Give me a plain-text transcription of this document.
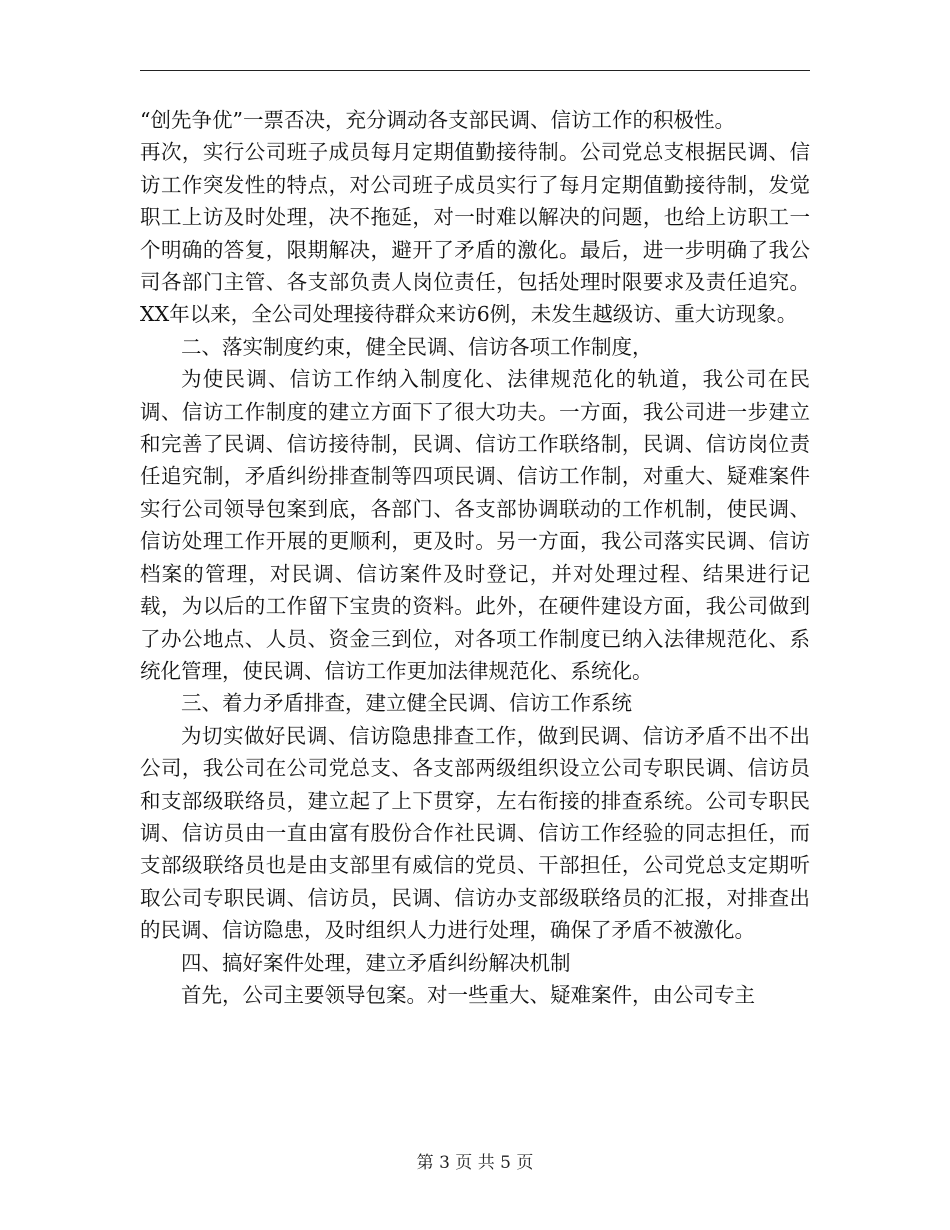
“创先争优”一票否决，充分调动各支部民调、信访工作的积极性。

再次，实行公司班子成员每月定期值勤接待制。公司党总支根据民调、信访工作突发性的特点，对公司班子成员实行了每月定期值勤接待制，发觉职工上访及时处理，决不拖延，对一时难以解决的问题，也给上访职工一个明确的答复，限期解决，避开了矛盾的激化。最后，进一步明确了我公司各部门主管、各支部负责人岗位责任，包括处理时限要求及责任追究。XX年以来，全公司处理接待群众来访6例，未发生越级访、重大访现象。

二、落实制度约束，健全民调、信访各项工作制度，

为使民调、信访工作纳入制度化、法律规范化的轨道，我公司在民调、信访工作制度的建立方面下了很大功夫。一方面，我公司进一步建立和完善了民调、信访接待制，民调、信访工作联络制，民调、信访岗位责任追究制，矛盾纠纷排查制等四项民调、信访工作制，对重大、疑难案件实行公司领导包案到底，各部门、各支部协调联动的工作机制，使民调、信访处理工作开展的更顺利，更及时。另一方面，我公司落实民调、信访档案的管理，对民调、信访案件及时登记，并对处理过程、结果进行记载，为以后的工作留下宝贵的资料。此外，在硬件建设方面，我公司做到了办公地点、人员、资金三到位，对各项工作制度已纳入法律规范化、系统化管理，使民调、信访工作更加法律规范化、系统化。

三、着力矛盾排查，建立健全民调、信访工作系统

为切实做好民调、信访隐患排查工作，做到民调、信访矛盾不出不出公司，我公司在公司党总支、各支部两级组织设立公司专职民调、信访员和支部级联络员，建立起了上下贯穿，左右衔接的排查系统。公司专职民调、信访员由一直由富有股份合作社民调、信访工作经验的同志担任，而支部级联络员也是由支部里有威信的党员、干部担任，公司党总支定期听取公司专职民调、信访员，民调、信访办支部级联络员的汇报，对排查出的民调、信访隐患，及时组织人力进行处理，确保了矛盾不被激化。

四、搞好案件处理，建立矛盾纠纷解决机制

首先，公司主要领导包案。对一些重大、疑难案件，由公司专主

第 3 页 共 5 页
